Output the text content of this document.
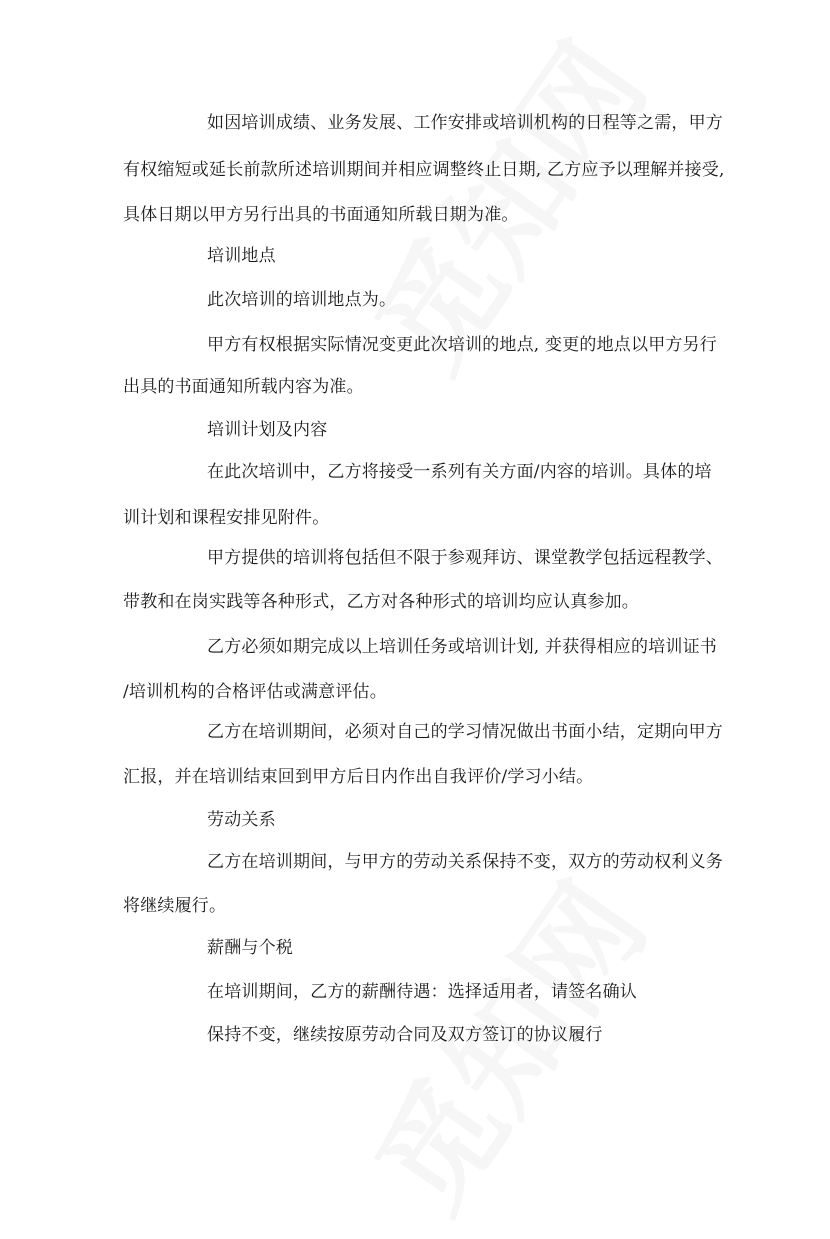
如因培训成绩、业务发展、工作安排或培训机构的日程等之需，甲方
有权缩短或延长前款所述培训期间并相应调整终止日期, 乙方应予以理解并接受,
具体日期以甲方另行出具的书面通知所载日期为准。
培训地点
此次培训的培训地点为。
甲方有权根据实际情况变更此次培训的地点, 变更的地点以甲方另行
出具的书面通知所载内容为准。
培训计划及内容
在此次培训中，乙方将接受一系列有关方面/内容的培训。具体的培
训计划和课程安排见附件。
甲方提供的培训将包括但不限于参观拜访、课堂教学包括远程教学、
带教和在岗实践等各种形式，乙方对各种形式的培训均应认真参加。
乙方必须如期完成以上培训任务或培训计划, 并获得相应的培训证书
/培训机构的合格评估或满意评估。
乙方在培训期间，必须对自己的学习情况做出书面小结，定期向甲方
汇报，并在培训结束回到甲方后日内作出自我评价/学习小结。
劳动关系
乙方在培训期间，与甲方的劳动关系保持不变，双方的劳动权利义务
将继续履行。
薪酬与个税
在培训期间，乙方的薪酬待遇：选择适用者，请签名确认
保持不变，继续按原劳动合同及双方签订的协议履行
